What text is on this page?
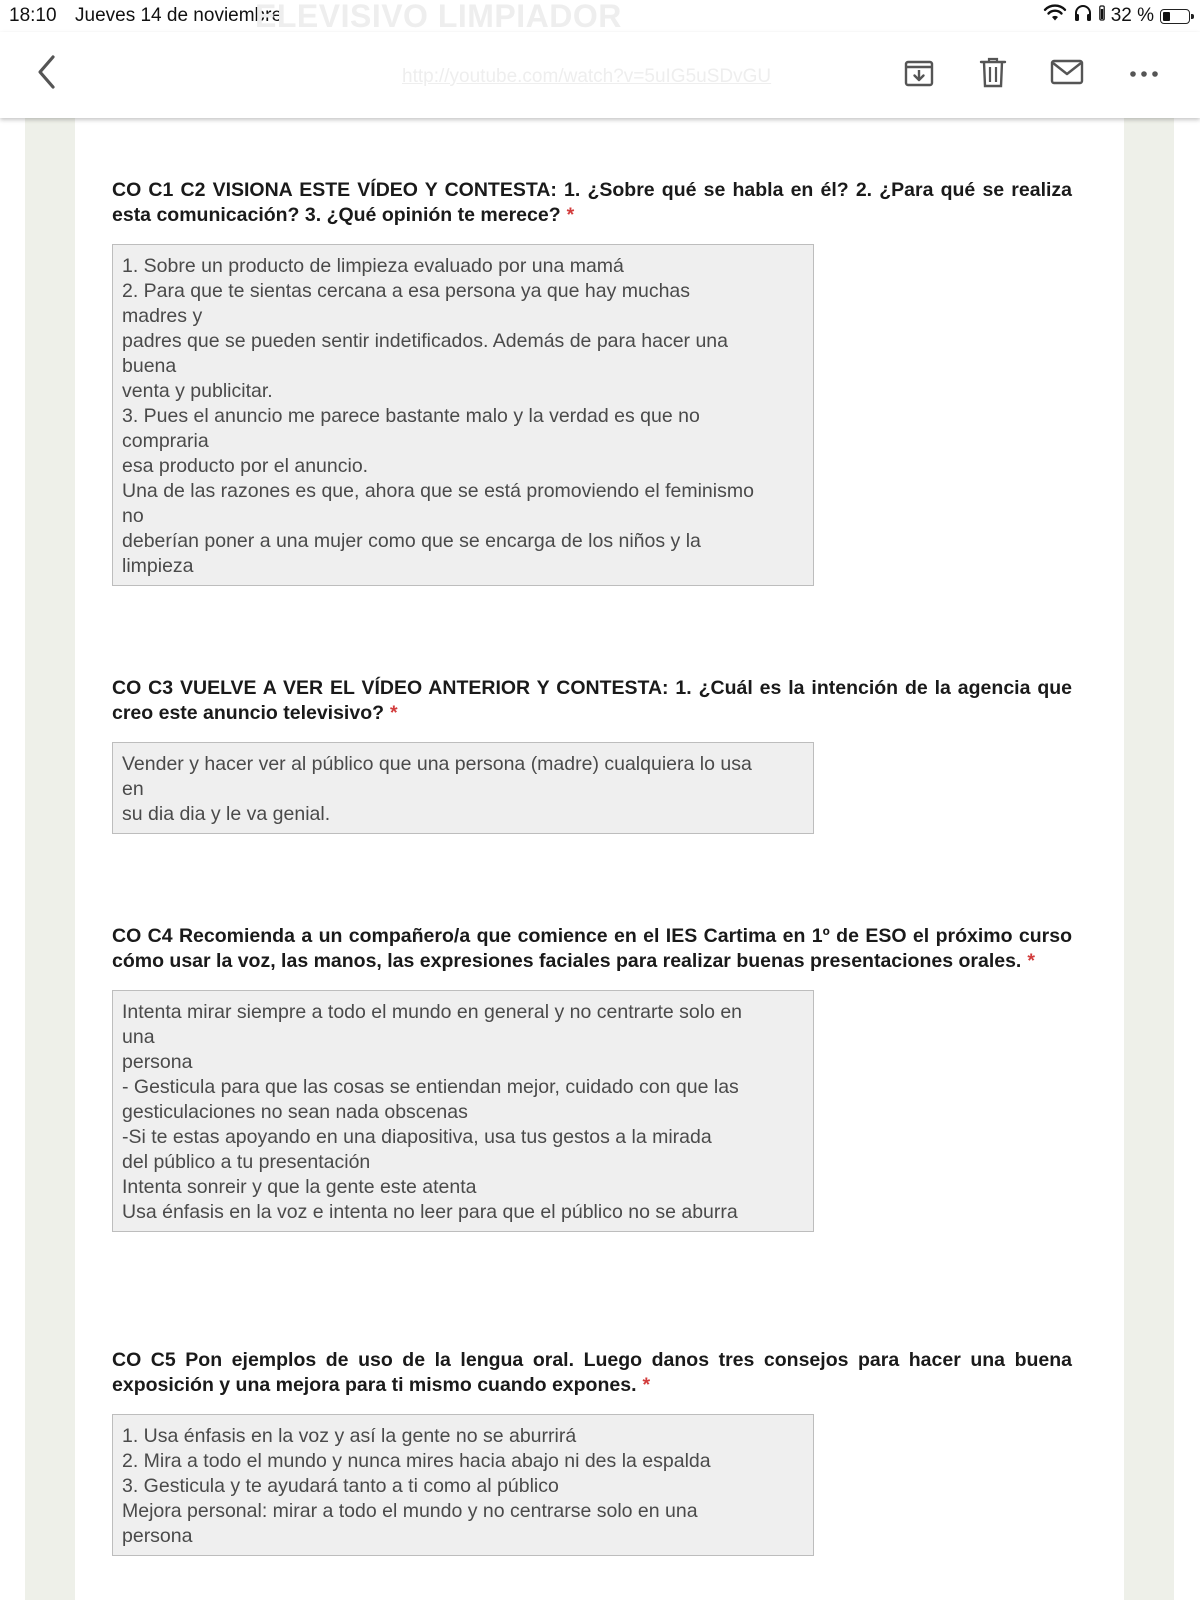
18:10 Jueves 14 de noviembre
ELEVISIVO LIMPIADOR	32 %
http://youtube.com/watch?v=5uIG5uSDvGU

CO C1 C2 VISIONA ESTE VÍDEO Y CONTESTA: 1. ¿Sobre qué se habla en él? 2. ¿Para qué se realiza esta comunicación? 3. ¿Qué opinión te merece? *

1. Sobre un producto de limpieza evaluado por una mamá
2. Para que te sientas cercana a esa persona ya que hay muchas
madres y
padres que se pueden sentir indetificados. Además de para hacer una
buena
venta y publicitar.
3. Pues el anuncio me parece bastante malo y la verdad es que no
compraria
esa producto por el anuncio.
Una de las razones es que, ahora que se está promoviendo el feminismo
no
deberían poner a una mujer como que se encarga de los niños y la
limpieza

CO C3 VUELVE A VER EL VÍDEO ANTERIOR Y CONTESTA: 1. ¿Cuál es la intención de la agencia que creo este anuncio televisivo? *

Vender y hacer ver al público que una persona (madre) cualquiera lo usa
en
su dia dia y le va genial.

CO C4 Recomienda a un compañero/a que comience en el IES Cartima en 1º de ESO el próximo curso cómo usar la voz, las manos, las expresiones faciales para realizar buenas presentaciones orales. *

Intenta mirar siempre a todo el mundo en general y no centrarte solo en
una
persona
- Gesticula para que las cosas se entiendan mejor, cuidado con que las
gesticulaciones no sean nada obscenas
-Si te estas apoyando en una diapositiva, usa tus gestos a la mirada
del público a tu presentación
Intenta sonreir y que la gente este atenta
Usa énfasis en la voz e intenta no leer para que el público no se aburra

CO C5 Pon ejemplos de uso de la lengua oral. Luego danos tres consejos para hacer una buena exposición y una mejora para ti mismo cuando expones. *

1. Usa énfasis en la voz y así la gente no se aburrirá
2. Mira a todo el mundo y nunca mires hacia abajo ni des la espalda
3. Gesticula y te ayudará tanto a ti como al público
Mejora personal: mirar a todo el mundo y no centrarse solo en una
persona
